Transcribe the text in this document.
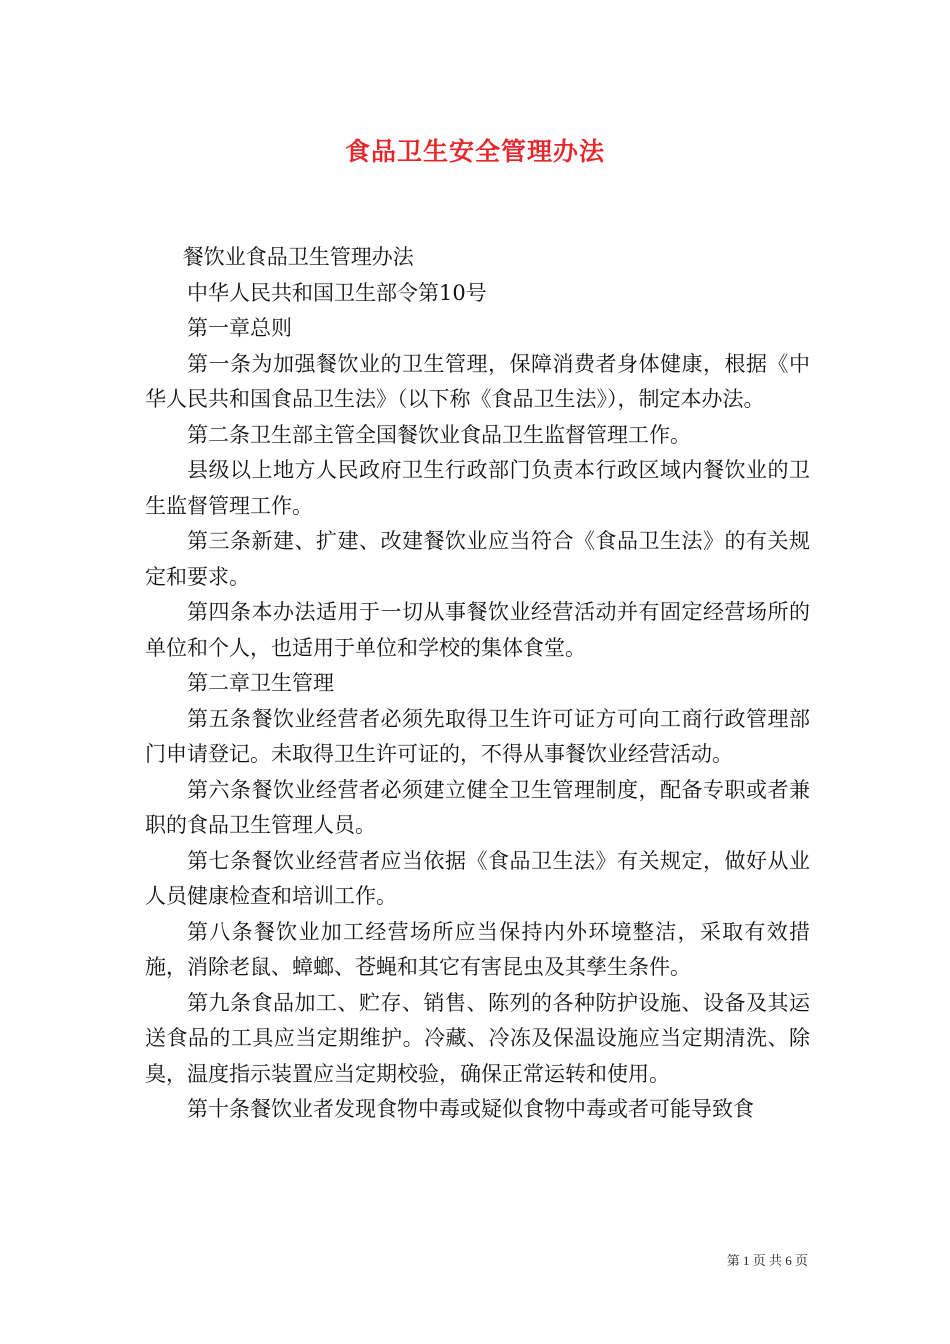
食品卫生安全管理办法

餐饮业食品卫生管理办法

中华人民共和国卫生部令第10号

第一章总则

第一条为加强餐饮业的卫生管理，保障消费者身体健康，根据《中华人民共和国食品卫生法》（以下称《食品卫生法》），制定本办法。

第二条卫生部主管全国餐饮业食品卫生监督管理工作。

县级以上地方人民政府卫生行政部门负责本行政区域内餐饮业的卫生监督管理工作。

第三条新建、扩建、改建餐饮业应当符合《食品卫生法》的有关规定和要求。

第四条本办法适用于一切从事餐饮业经营活动并有固定经营场所的单位和个人，也适用于单位和学校的集体食堂。

第二章卫生管理

第五条餐饮业经营者必须先取得卫生许可证方可向工商行政管理部门申请登记。未取得卫生许可证的，不得从事餐饮业经营活动。

第六条餐饮业经营者必须建立健全卫生管理制度，配备专职或者兼职的食品卫生管理人员。

第七条餐饮业经营者应当依据《食品卫生法》有关规定，做好从业人员健康检查和培训工作。

第八条餐饮业加工经营场所应当保持内外环境整洁，采取有效措施，消除老鼠、蟑螂、苍蝇和其它有害昆虫及其孳生条件。

第九条食品加工、贮存、销售、陈列的各种防护设施、设备及其运送食品的工具应当定期维护。冷藏、冷冻及保温设施应当定期清洗、除臭，温度指示装置应当定期校验，确保正常运转和使用。

第十条餐饮业者发现食物中毒或疑似食物中毒或者可能导致食

第 1 页 共 6 页
